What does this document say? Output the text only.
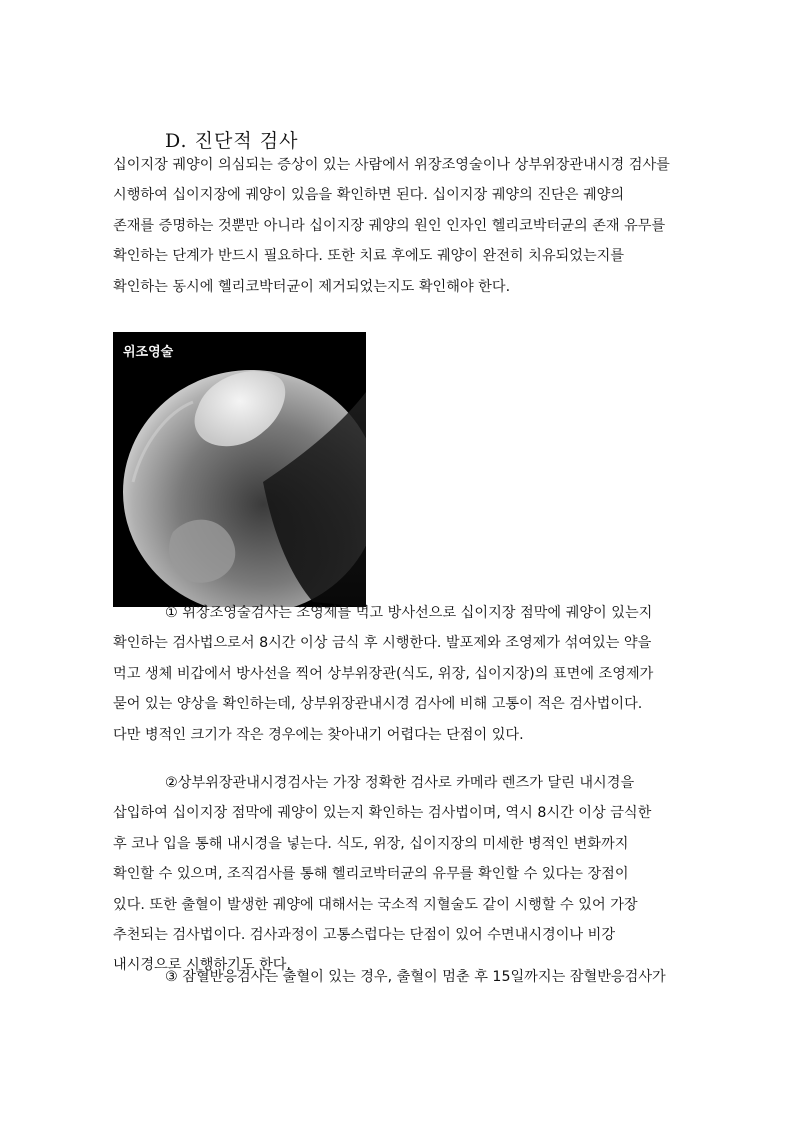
D. 진단적 검사
십이지장 궤양이 의심되는 증상이 있는 사람에서 위장조영술이나 상부위장관내시경 검사를
시행하여 십이지장에 궤양이 있음을 확인하면 된다. 십이지장 궤양의 진단은 궤양의
존재를 증명하는 것뿐만 아니라 십이지장 궤양의 원인 인자인 헬리코박터균의 존재 유무를
확인하는 단계가 반드시 필요하다. 또한 치료 후에도 궤양이 완전히 치유되었는지를
확인하는 동시에 헬리코박터균이 제거되었는지도 확인해야 한다.
위조영술
① 위장조영술검사는 조영제를 먹고 방사선으로 십이지장 점막에 궤양이 있는지
확인하는 검사법으로서 8시간 이상 금식 후 시행한다. 발포제와 조영제가 섞여있는 약을
먹고 생체 비갑에서 방사선을 찍어 상부위장관(식도, 위장, 십이지장)의 표면에 조영제가
묻어 있는 양상을 확인하는데, 상부위장관내시경 검사에 비해 고통이 적은 검사법이다.
다만 병적인 크기가 작은 경우에는 찾아내기 어렵다는 단점이 있다.
②상부위장관내시경검사는 가장 정확한 검사로 카메라 렌즈가 달린 내시경을
삽입하여 십이지장 점막에 궤양이 있는지 확인하는 검사법이며, 역시 8시간 이상 금식한
후 코나 입을 통해 내시경을 넣는다. 식도, 위장, 십이지장의 미세한 병적인 변화까지
확인할 수 있으며, 조직검사를 통해 헬리코박터균의 유무를 확인할 수 있다는 장점이
있다. 또한 출혈이 발생한 궤양에 대해서는 국소적 지혈술도 같이 시행할 수 있어 가장
추천되는 검사법이다. 검사과정이 고통스럽다는 단점이 있어 수면내시경이나 비강
내시경으로 시행하기도 한다.
③ 잠혈반응검사는 출혈이 있는 경우, 출혈이 멈춘 후 15일까지는 잠혈반응검사가
